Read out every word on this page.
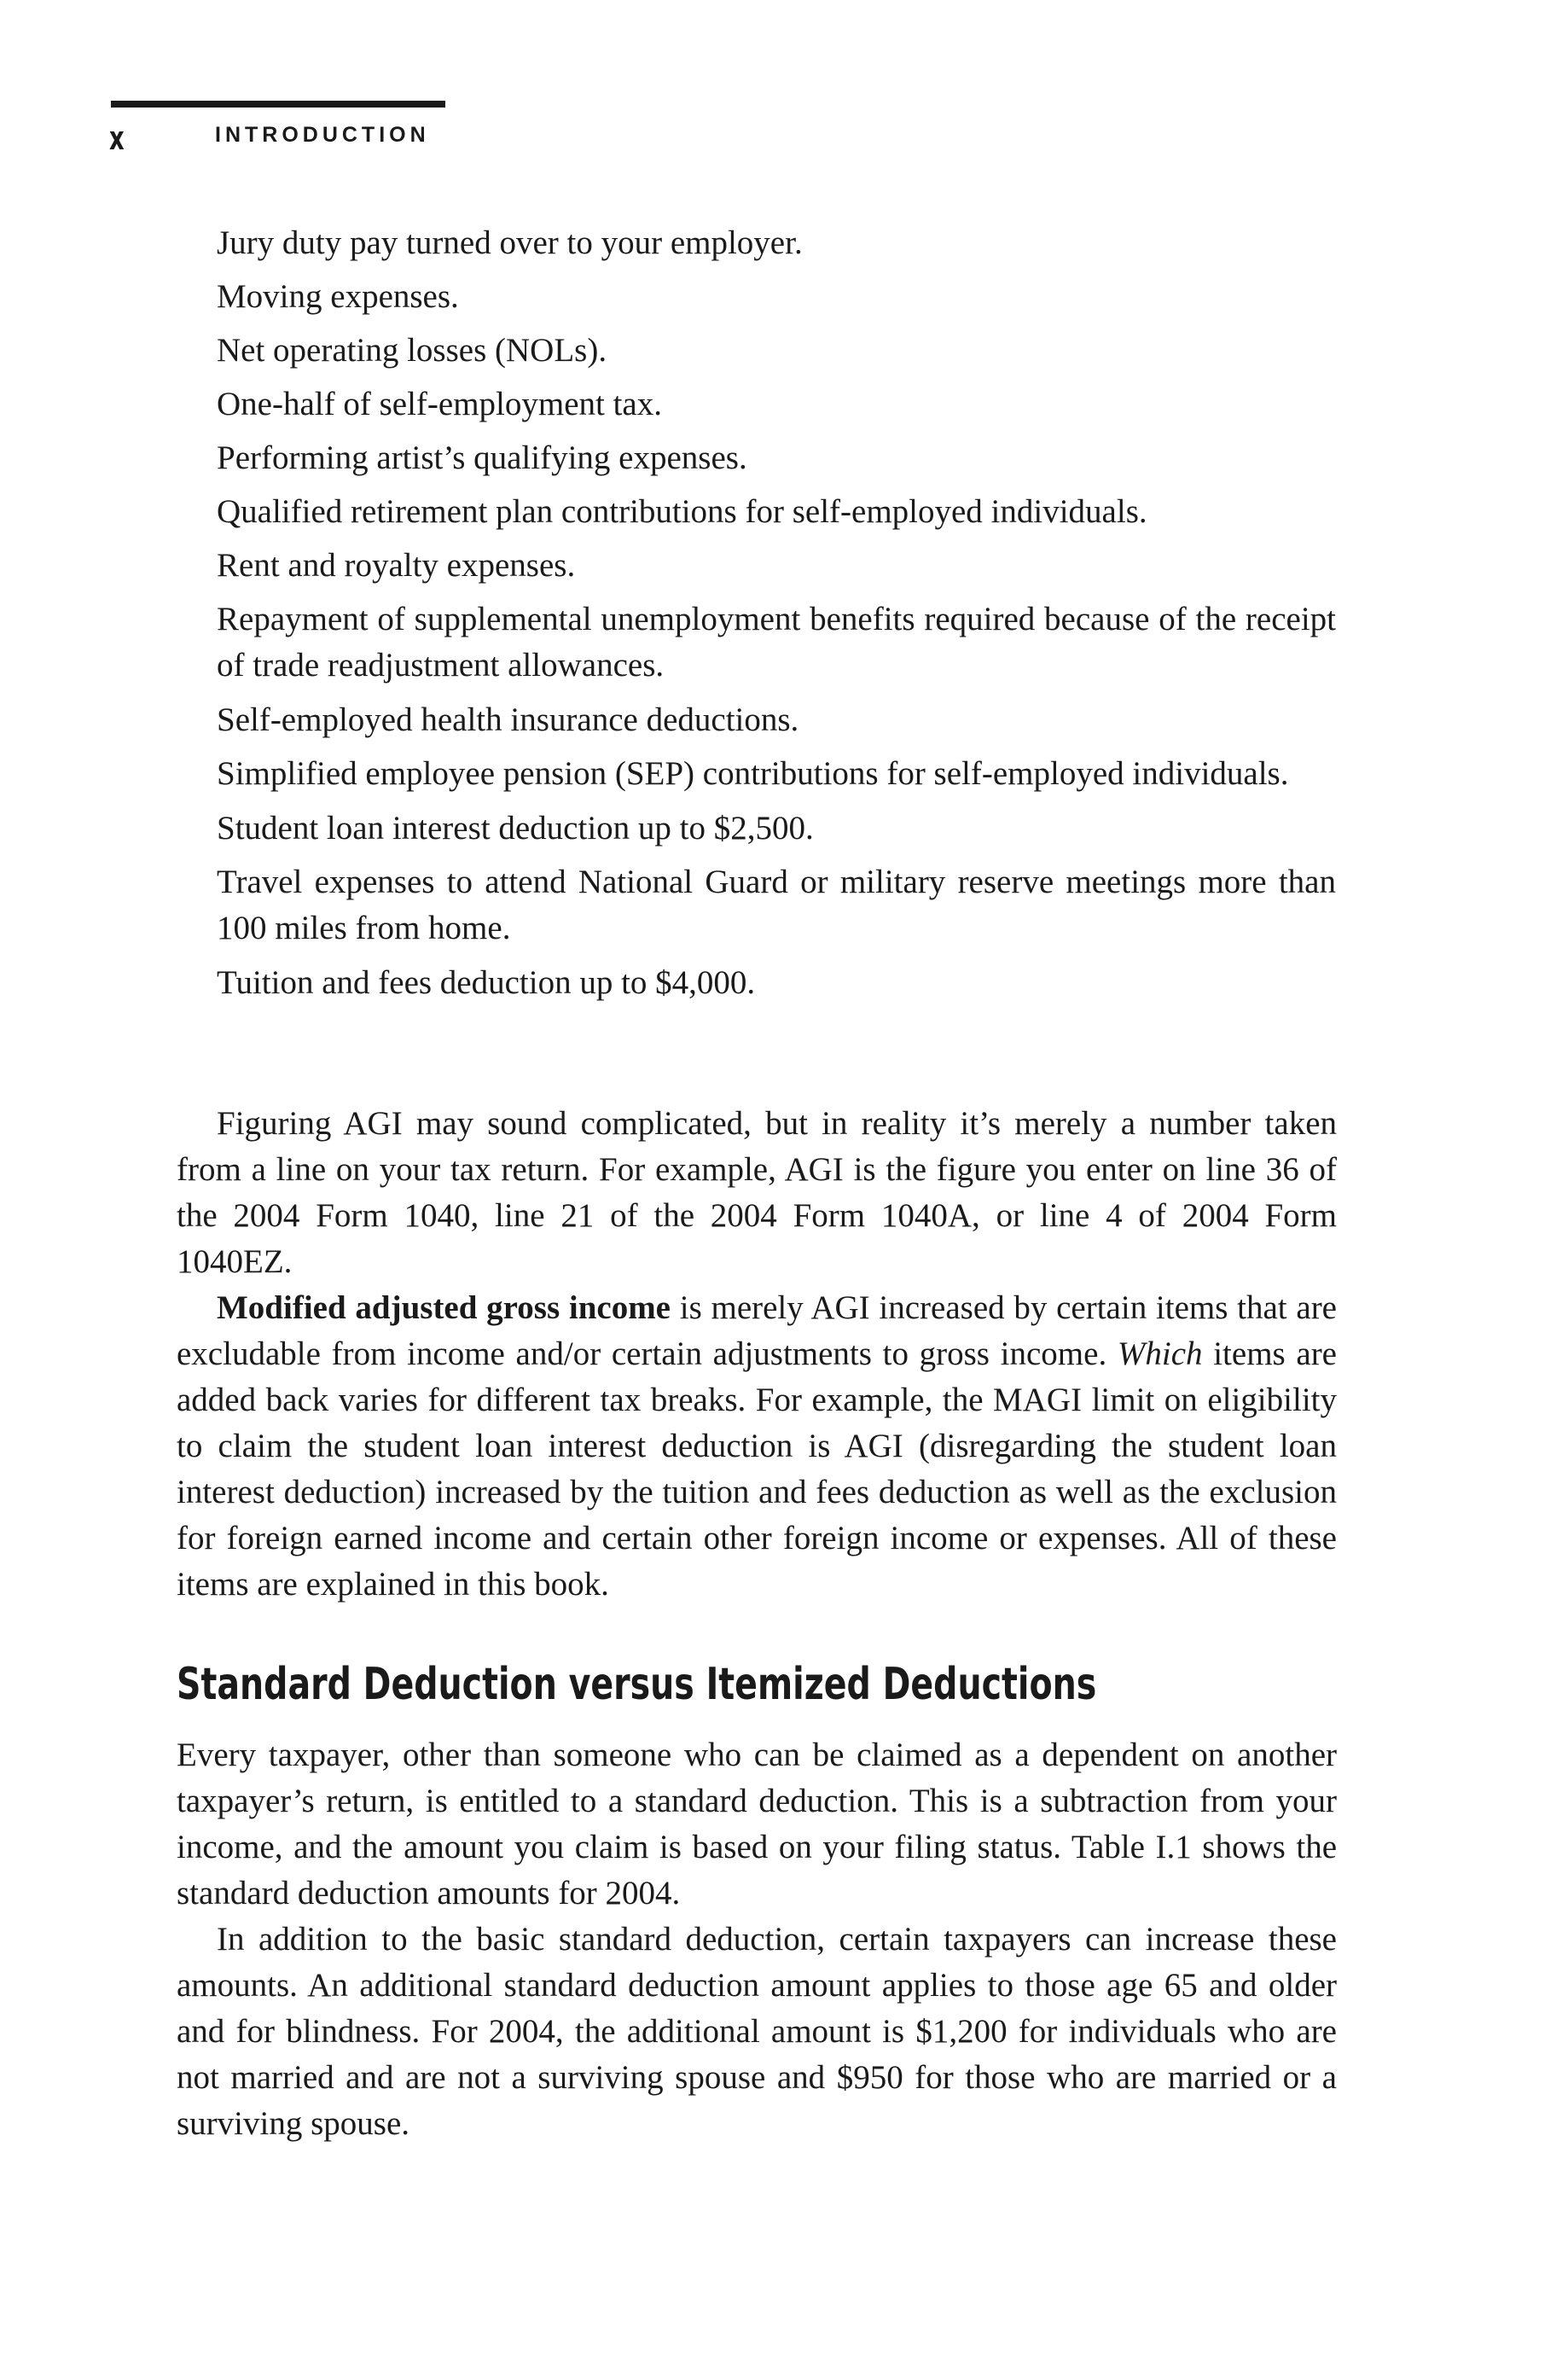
x	INTRODUCTION
Jury duty pay turned over to your employer.
Moving expenses.
Net operating losses (NOLs).
One-half of self-employment tax.
Performing artist’s qualifying expenses.
Qualified retirement plan contributions for self-employed individuals.
Rent and royalty expenses.
Repayment of supplemental unemployment benefits required because of the receipt of trade readjustment allowances.
Self-employed health insurance deductions.
Simplified employee pension (SEP) contributions for self-employed individuals.
Student loan interest deduction up to $2,500.
Travel expenses to attend National Guard or military reserve meetings more than 100 miles from home.
Tuition and fees deduction up to $4,000.

Figuring AGI may sound complicated, but in reality it’s merely a number taken from a line on your tax return. For example, AGI is the figure you enter on line 36 of the 2004 Form 1040, line 21 of the 2004 Form 1040A, or line 4 of 2004 Form 1040EZ.

Modified adjusted gross income is merely AGI increased by certain items that are excludable from income and/or certain adjustments to gross income. Which items are added back varies for different tax breaks. For example, the MAGI limit on eligibility to claim the student loan interest deduction is AGI (disregarding the student loan interest deduction) increased by the tuition and fees deduction as well as the exclusion for foreign earned income and certain other foreign income or expenses. All of these items are explained in this book.

Standard Deduction versus Itemized Deductions

Every taxpayer, other than someone who can be claimed as a dependent on another taxpayer’s return, is entitled to a standard deduction. This is a subtraction from your income, and the amount you claim is based on your filing status. Table I.1 shows the standard deduction amounts for 2004.

In addition to the basic standard deduction, certain taxpayers can increase these amounts. An additional standard deduction amount applies to those age 65 and older and for blindness. For 2004, the additional amount is $1,200 for individuals who are not married and are not a surviving spouse and $950 for those who are married or a surviving spouse.
